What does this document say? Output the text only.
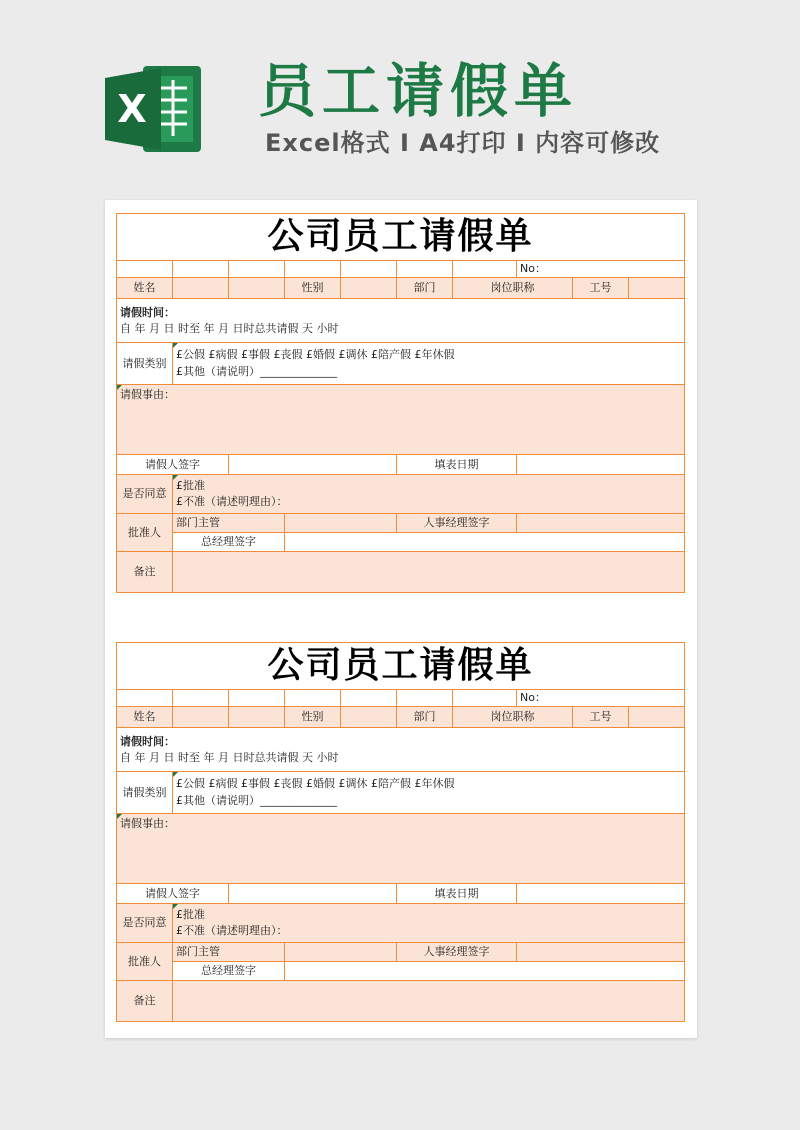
X 员工请假单
Excel格式 Ⅰ A4打印 Ⅰ 内容可修改
公司员工请假单									
							No：		
姓名			性别		部门	岗位职称		工号	

请假时间：
自 年 月 日 时至 年 月 日时总共请假 天 小时									

请假类别	£公假 £病假 £事假 £丧假 £婚假 £调休 £陪产假 £年休假
£其他（请说明）______________								

请假事由：									
请假人签字					填表日期				
是否同意	£批准
£不准（请述明理由）：								

批准人	部门主管				人事经理签字				
	总经理签字								
备注									
公司员工请假单									
							No：		
姓名			性别		部门	岗位职称		工号	

请假时间：
自 年 月 日 时至 年 月 日时总共请假 天 小时									

请假类别	£公假 £病假 £事假 £丧假 £婚假 £调休 £陪产假 £年休假
£其他（请说明）______________								

请假事由：									
请假人签字					填表日期				
是否同意	£批准
£不准（请述明理由）：								

批准人	部门主管				人事经理签字				
	总经理签字								
备注									
